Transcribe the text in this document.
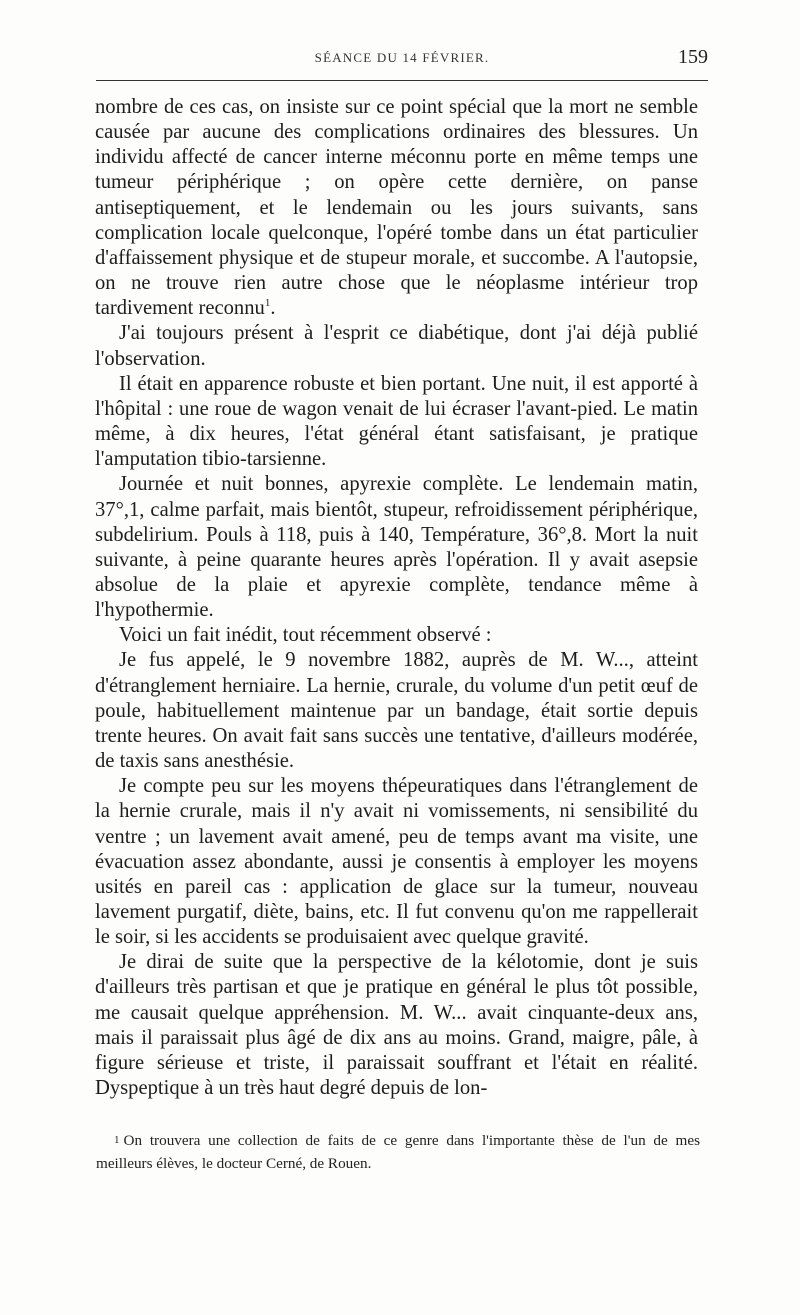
SÉANCE DU 14 FÉVRIER.	159

nombre de ces cas, on insiste sur ce point spécial que la mort ne semble causée par aucune des complications ordinaires des blessures. Un individu affecté de cancer interne méconnu porte en même temps une tumeur périphérique ; on opère cette dernière, on panse antiseptiquement, et le lendemain ou les jours suivants, sans complication locale quelconque, l'opéré tombe dans un état particulier d'affaissement physique et de stupeur morale, et succombe. A l'autopsie, on ne trouve rien autre chose que le néoplasme intérieur trop tardivement reconnu$^1$.

J'ai toujours présent à l'esprit ce diabétique, dont j'ai déjà publié l'observation.

Il était en apparence robuste et bien portant. Une nuit, il est apporté à l'hôpital : une roue de wagon venait de lui écraser l'avant-pied. Le matin même, à dix heures, l'état général étant satisfaisant, je pratique l'amputation tibio-tarsienne.

Journée et nuit bonnes, apyrexie complète. Le lendemain matin, 37°,1, calme parfait, mais bientôt, stupeur, refroidissement périphérique, subdelirium. Pouls à 118, puis à 140, Température, 36°,8. Mort la nuit suivante, à peine quarante heures après l'opération. Il y avait asepsie absolue de la plaie et apyrexie complète, tendance même à l'hypothermie.

Voici un fait inédit, tout récemment observé :

Je fus appelé, le 9 novembre 1882, auprès de M. W..., atteint d'étranglement herniaire. La hernie, crurale, du volume d'un petit œuf de poule, habituellement maintenue par un bandage, était sortie depuis trente heures. On avait fait sans succès une tentative, d'ailleurs modérée, de taxis sans anesthésie.

Je compte peu sur les moyens thépeuratiques dans l'étranglement de la hernie crurale, mais il n'y avait ni vomissements, ni sensibilité du ventre ; un lavement avait amené, peu de temps avant ma visite, une évacuation assez abondante, aussi je consentis à employer les moyens usités en pareil cas : application de glace sur la tumeur, nouveau lavement purgatif, diète, bains, etc. Il fut convenu qu'on me rappellerait le soir, si les accidents se produisaient avec quelque gravité.

Je dirai de suite que la perspective de la kélotomie, dont je suis d'ailleurs très partisan et que je pratique en général le plus tôt possible, me causait quelque appréhension. M. W... avait cinquante-deux ans, mais il paraissait plus âgé de dix ans au moins. Grand, maigre, pâle, à figure sérieuse et triste, il paraissait souffrant et l'était en réalité. Dyspeptique à un très haut degré depuis de lon-

1 On trouvera une collection de faits de ce genre dans l'importante thèse de l'un de mes meilleurs élèves, le docteur Cerné, de Rouen.
